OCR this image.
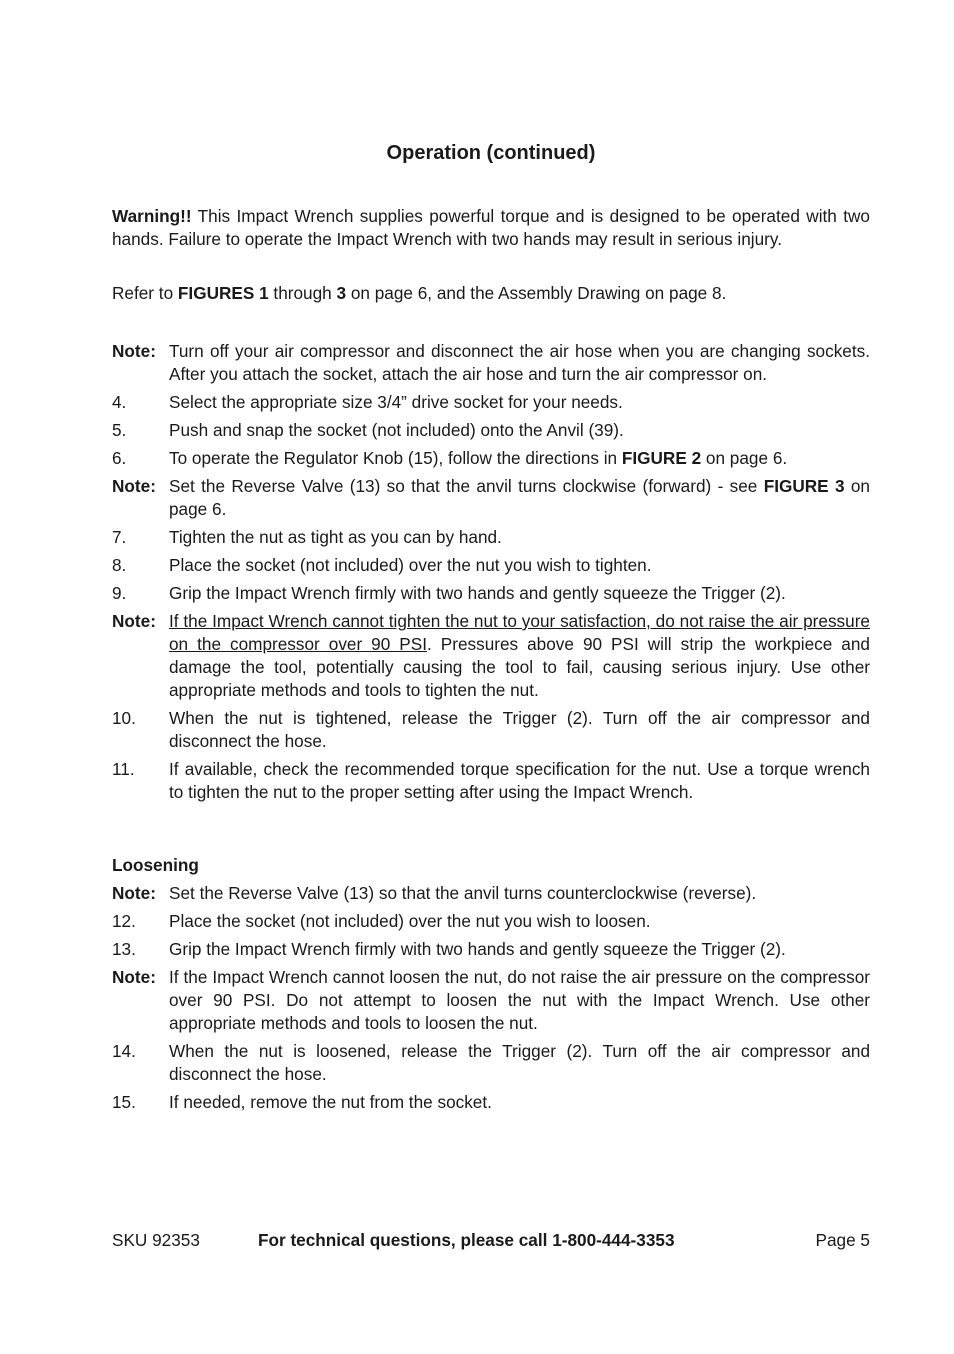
Operation (continued)

Warning!! This Impact Wrench supplies powerful torque and is designed to be operated with two hands. Failure to operate the Impact Wrench with two hands may result in serious injury.

Refer to FIGURES 1 through 3 on page 6, and the Assembly Drawing on page 8.

Note: Turn off your air compressor and disconnect the air hose when you are changing sockets. After you attach the socket, attach the air hose and turn the air compressor on.
4.	Select the appropriate size 3/4” drive socket for your needs.
5.	Push and snap the socket (not included) onto the Anvil (39).
6.	To operate the Regulator Knob (15), follow the directions in FIGURE 2 on page 6.
Note: Set the Reverse Valve (13) so that the anvil turns clockwise (forward) - see FIGURE 3 on page 6.
7.	Tighten the nut as tight as you can by hand.
8.	Place the socket (not included) over the nut you wish to tighten.
9.	Grip the Impact Wrench firmly with two hands and gently squeeze the Trigger (2).
Note: If the Impact Wrench cannot tighten the nut to your satisfaction, do not raise the air pressure on the compressor over 90 PSI. Pressures above 90 PSI will strip the workpiece and damage the tool, potentially causing the tool to fail, causing serious injury. Use other appropriate methods and tools to tighten the nut.
10.	When the nut is tightened, release the Trigger (2). Turn off the air compressor and disconnect the hose.
11.	If available, check the recommended torque specification for the nut. Use a torque wrench to tighten the nut to the proper setting after using the Impact Wrench.
Loosening
Note: Set the Reverse Valve (13) so that the anvil turns counterclockwise (reverse).
12.	Place the socket (not included) over the nut you wish to loosen.
13.	Grip the Impact Wrench firmly with two hands and gently squeeze the Trigger (2).
Note: If the Impact Wrench cannot loosen the nut, do not raise the air pressure on the compressor over 90 PSI. Do not attempt to loosen the nut with the Impact Wrench. Use other appropriate methods and tools to loosen the nut.
14.	When the nut is loosened, release the Trigger (2). Turn off the air compressor and disconnect the hose.
15.	If needed, remove the nut from the socket.
SKU 92353	For technical questions, please call 1-800-444-3353	Page 5
